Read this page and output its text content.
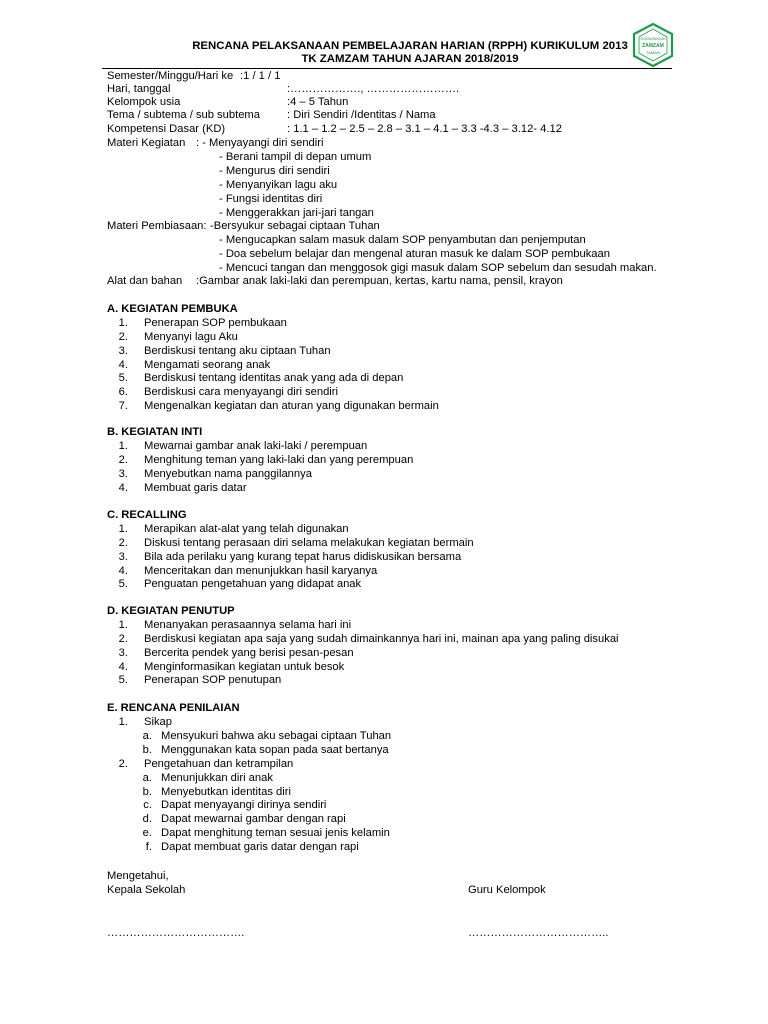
RENCANA PELAKSANAAN PEMBELAJARAN HARIAN (RPPH) KURIKULUM 2013
TK ZAMZAM TAHUN AJARAN 2018/2019
KOMUNIKASI
ZAMZAM
TAMAN
Semester/Minggu/Hari ke :1 / 1 / 1
Hari, tanggal	:………………., …………………….
Kelompok usia	:4 – 5 Tahun
Tema / subtema / sub subtema : Diri Sendiri /Identitas / Nama
Kompetensi Dasar (KD)	: 1.1 – 1.2 – 2.5 – 2.8 – 3.1 – 4.1 – 3.3 -4.3 – 3.12- 4.12
Materi Kegiatan : - Menyayangi diri sendiri
- Berani tampil di depan umum
- Mengurus diri sendiri
- Menyanyikan lagu aku
- Fungsi identitas diri
- Menggerakkan jari-jari tangan
Materi Pembiasaan: -Bersyukur sebagai ciptaan Tuhan
- Mengucapkan salam masuk dalam SOP penyambutan dan penjemputan
- Doa sebelum belajar dan mengenal aturan masuk ke dalam SOP pembukaan
- Mencuci tangan dan menggosok gigi masuk dalam SOP sebelum dan sesudah makan.
Alat dan bahan :Gambar anak laki-laki dan perempuan, kertas, kartu nama, pensil, krayon
A. KEGIATAN PEMBUKA
1. Penerapan SOP pembukaan
2. Menyanyi lagu Aku
3. Berdiskusi tentang aku ciptaan Tuhan
4. Mengamati seorang anak
5. Berdiskusi tentang identitas anak yang ada di depan
6. Berdiskusi cara menyayangi diri sendiri
7. Mengenalkan kegiatan dan aturan yang digunakan bermain
B. KEGIATAN INTI
1. Mewarnai gambar anak laki-laki / perempuan
2. Menghitung teman yang laki-laki dan yang perempuan
3. Menyebutkan nama panggilannya
4. Membuat garis datar
C. RECALLING
1. Merapikan alat-alat yang telah digunakan
2. Diskusi tentang perasaan diri selama melakukan kegiatan bermain
3. Bila ada perilaku yang kurang tepat harus didiskusikan bersama
4. Menceritakan dan menunjukkan hasil karyanya
5. Penguatan pengetahuan yang didapat anak
D. KEGIATAN PENUTUP
1. Menanyakan perasaannya selama hari ini
2. Berdiskusi kegiatan apa saja yang sudah dimainkannya hari ini, mainan apa yang paling disukai
3. Bercerita pendek yang berisi pesan-pesan
4. Menginformasikan kegiatan untuk besok
5. Penerapan SOP penutupan
E. RENCANA PENILAIAN
1. Sikap
a. Mensyukuri bahwa aku sebagai ciptaan Tuhan
b. Menggunakan kata sopan pada saat bertanya
2. Pengetahuan dan ketrampilan
a. Menunjukkan diri anak
b. Menyebutkan identitas diri
c. Dapat menyayangi dirinya sendiri
d. Dapat mewarnai gambar dengan rapi
e. Dapat menghitung teman sesuai jenis kelamin
f. Dapat membuat garis datar dengan rapi
Mengetahui,
Kepala Sekolah	Guru Kelompok
……………………………….	………………………………..
